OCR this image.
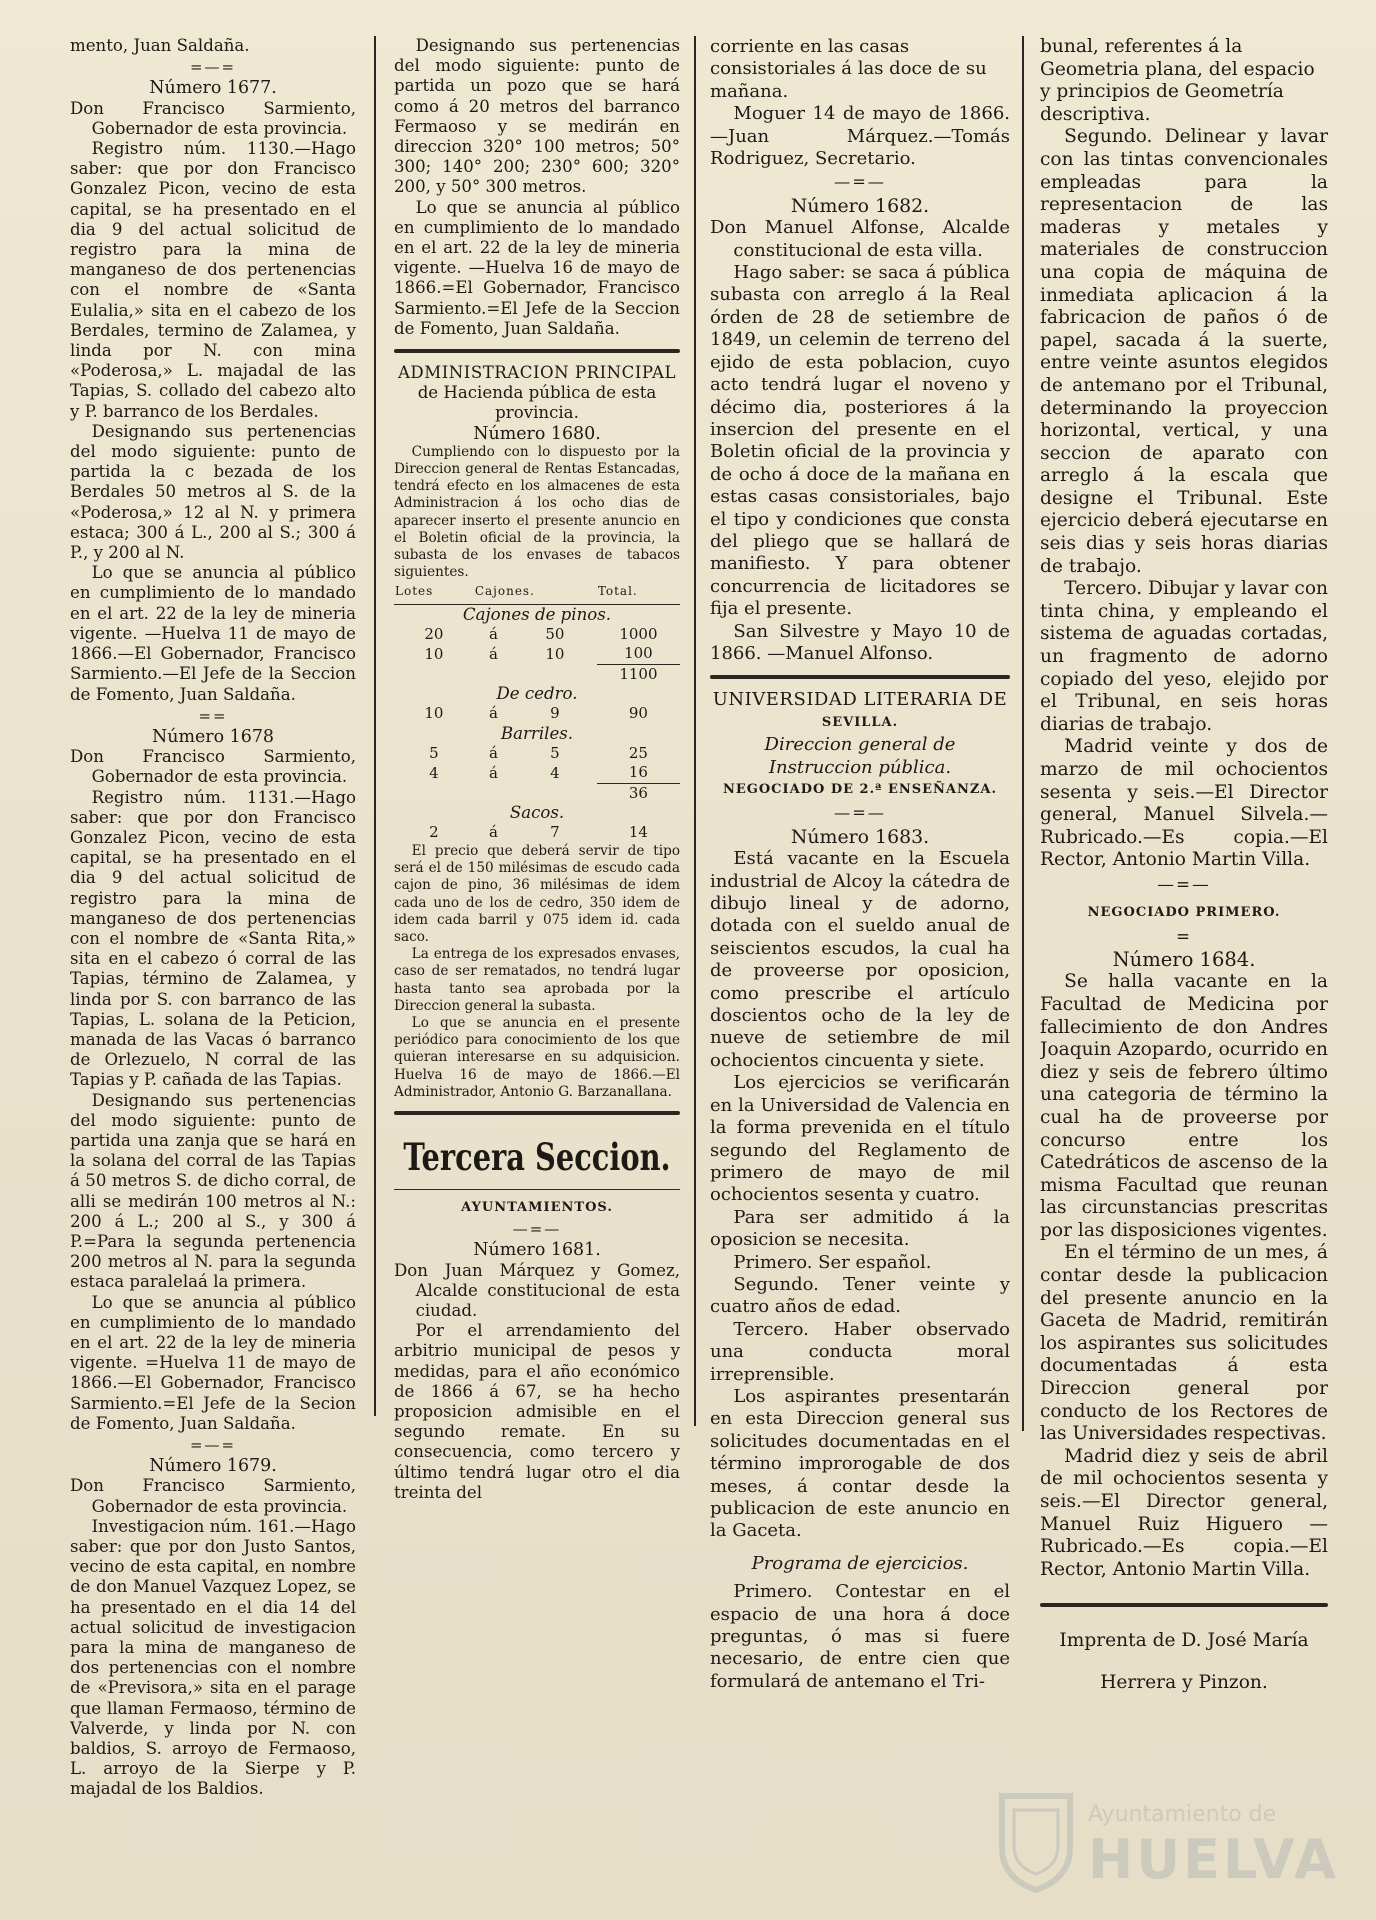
mento, Juan Saldaña.

=—=

Número 1677.

Don Francisco Sarmiento, Gobernador de esta provincia.

Registro núm. 1130.—Hago saber: que por don Francisco Gonzalez Picon, vecino de esta capital, se ha presentado en el dia 9 del actual solicitud de registro para la mina de manganeso de dos pertenencias con el nombre de «Santa Eulalia,» sita en el cabezo de los Berdales, termino de Zalamea, y linda por N. con mina «Poderosa,» L. majadal de las Tapias, S. collado del cabezo alto y P. barranco de los Berdales.

Designando sus pertenencias del modo siguiente: punto de partida la c bezada de los Berdales 50 metros al S. de la «Poderosa,» 12 al N. y primera estaca; 300 á L., 200 al S.; 300 á P., y 200 al N.

Lo que se anuncia al público en cumplimiento de lo mandado en el art. 22 de la ley de mineria vigente. —Huelva 11 de mayo de 1866.—El Gobernador, Francisco Sarmiento.—El Jefe de la Seccion de Fomento, Juan Saldaña.

==

Número 1678

Don Francisco Sarmiento, Gobernador de esta provincia.

Registro núm. 1131.—Hago saber: que por don Francisco Gonzalez Picon, vecino de esta capital, se ha presentado en el dia 9 del actual solicitud de registro para la mina de manganeso de dos pertenencias con el nombre de «Santa Rita,» sita en el cabezo ó corral de las Tapias, término de Zalamea, y linda por S. con barranco de las Tapias, L. solana de la Peticion, manada de las Vacas ó barranco de Orlezuelo, N corral de las Tapias y P. cañada de las Tapias.

Designando sus pertenencias del modo siguiente: punto de partida una zanja que se hará en la solana del corral de las Tapias á 50 metros S. de dicho corral, de alli se medirán 100 metros al N.: 200 á L.; 200 al S., y 300 á P.=Para la segunda pertenencia 200 metros al N. para la segunda estaca paralelaá la primera.

Lo que se anuncia al público en cumplimiento de lo mandado en el art. 22 de la ley de mineria vigente. =Huelva 11 de mayo de 1866.—El Gobernador, Francisco Sarmiento.=El Jefe de la Secion de Fomento, Juan Saldaña.

=—=

Número 1679.

Don Francisco Sarmiento, Gobernador de esta provincia.

Investigacion núm. 161.—Hago saber: que por don Justo Santos, vecino de esta capital, en nombre de don Manuel Vazquez Lopez, se ha presentado en el dia 14 del actual solicitud de investigacion para la mina de manganeso de dos pertenencias con el nombre de «Previsora,» sita en el parage que llaman Fermaoso, término de Valverde, y linda por N. con baldios, S. arroyo de Fermaoso, L. arroyo de la Sierpe y P. majadal de los Baldios.

Designando sus pertenencias del modo siguiente: punto de partida un pozo que se hará como á 20 metros del barranco Fermaoso y se medirán en direccion 320° 100 metros; 50° 300; 140° 200; 230° 600; 320° 200, y 50° 300 metros.

Lo que se anuncia al público en cumplimiento de lo mandado en el art. 22 de la ley de mineria vigente. —Huelva 16 de mayo de 1866.=El Gobernador, Francisco Sarmiento.=El Jefe de la Seccion de Fomento, Juan Saldaña.

ADMINISTRACION PRINCIPAL

de Hacienda pública de esta provincia.

Número 1680.

Cumpliendo con lo dispuesto por la Direccion general de Rentas Estancadas, tendrá efecto en los almacenes de esta Administracion á los ocho dias de aparecer inserto el presente anuncio en el Boletin oficial de la provincia, la subasta de los envases de tabacos siguientes.

Lotes	Cajones.		Total.
Cajones de pinos.			
20	á	50	1000
10	á	10	100
			1100
De cedro.			
10	á	9	90
Barriles.			
5	á	5	25
4	á	4	16
			36
Sacos.			
2	á	7	14

El precio que deberá servir de tipo será el de 150 milésimas de escudo cada cajon de pino, 36 milésimas de idem cada uno de los de cedro, 350 idem de idem cada barril y 075 idem id. cada saco.

La entrega de los expresados envases, caso de ser rematados, no tendrá lugar hasta tanto sea aprobada por la Direccion general la subasta.

Lo que se anuncia en el presente periódico para conocimiento de los que quieran interesarse en su adquisicion. Huelva 16 de mayo de 1866.—El Administrador, Antonio G. Barzanallana.

Tercera Seccion.

AYUNTAMIENTOS.

—=—

Número 1681.

Don Juan Márquez y Gomez, Alcalde constitucional de esta ciudad.

Por el arrendamiento del arbitrio municipal de pesos y medidas, para el año económico de 1866 á 67, se ha hecho proposicion admisible en el segundo remate. En su consecuencia, como tercero y último tendrá lugar otro el dia treinta del

corriente en las casas consistoriales á las doce de su mañana.

Moguer 14 de mayo de 1866. —Juan Márquez.—Tomás Rodriguez, Secretario.

—=—

Número 1682.

Don Manuel Alfonse, Alcalde constitucional de esta villa.

Hago saber: se saca á pública subasta con arreglo á la Real órden de 28 de setiembre de 1849, un celemin de terreno del ejido de esta poblacion, cuyo acto tendrá lugar el noveno y décimo dia, posteriores á la insercion del presente en el Boletin oficial de la provincia y de ocho á doce de la mañana en estas casas consistoriales, bajo el tipo y condiciones que consta del pliego que se hallará de manifiesto. Y para obtener concurrencia de licitadores se fija el presente.

San Silvestre y Mayo 10 de 1866. —Manuel Alfonso.

UNIVERSIDAD LITERARIA DE

SEVILLA.

Direccion general de Instruccion pública.

NEGOCIADO DE 2.ª ENSEÑANZA.

—=—

Número 1683.

Está vacante en la Escuela industrial de Alcoy la cátedra de dibujo lineal y de adorno, dotada con el sueldo anual de seiscientos escudos, la cual ha de proveerse por oposicion, como prescribe el artículo doscientos ocho de la ley de nueve de setiembre de mil ochocientos cincuenta y siete.

Los ejercicios se verificarán en la Universidad de Valencia en la forma prevenida en el título segundo del Reglamento de primero de mayo de mil ochocientos sesenta y cuatro.

Para ser admitido á la oposicion se necesita.

Primero. Ser español.

Segundo. Tener veinte y cuatro años de edad.

Tercero. Haber observado una conducta moral irreprensible.

Los aspirantes presentarán en esta Direccion general sus solicitudes documentadas en el término improrogable de dos meses, á contar desde la publicacion de este anuncio en la Gaceta.

Programa de ejercicios.

Primero. Contestar en el espacio de una hora á doce preguntas, ó mas si fuere necesario, de entre cien que formulará de antemano el Tri-

bunal, referentes á la Geometria plana, del espacio y principios de Geometría descriptiva.

Segundo. Delinear y lavar con las tintas convencionales empleadas para la representacion de las maderas y metales y materiales de construccion una copia de máquina de inmediata aplicacion á la fabricacion de paños ó de papel, sacada á la suerte, entre veinte asuntos elegidos de antemano por el Tribunal, determinando la proyeccion horizontal, vertical, y una seccion de aparato con arreglo á la escala que designe el Tribunal. Este ejercicio deberá ejecutarse en seis dias y seis horas diarias de trabajo.

Tercero. Dibujar y lavar con tinta china, y empleando el sistema de aguadas cortadas, un fragmento de adorno copiado del yeso, elejido por el Tribunal, en seis horas diarias de trabajo.

Madrid veinte y dos de marzo de mil ochocientos sesenta y seis.—El Director general, Manuel Silvela.—Rubricado.—Es copia.—El Rector, Antonio Martin Villa.

—=—

NEGOCIADO PRIMERO.

=

Número 1684.

Se halla vacante en la Facultad de Medicina por fallecimiento de don Andres Joaquin Azopardo, ocurrido en diez y seis de febrero último una categoria de término la cual ha de proveerse por concurso entre los Catedráticos de ascenso de la misma Facultad que reunan las circunstancias prescritas por las disposiciones vigentes.

En el término de un mes, á contar desde la publicacion del presente anuncio en la Gaceta de Madrid, remitirán los aspirantes sus solicitudes documentadas á esta Direccion general por conducto de los Rectores de las Universidades respectivas.

Madrid diez y seis de abril de mil ochocientos sesenta y seis.—El Director general, Manuel Ruiz Higuero —Rubricado.—Es copia.—El Rector, Antonio Martin Villa.

Imprenta de D. José María

Herrera y Pinzon.

Ayuntamiento de
HUELVA
